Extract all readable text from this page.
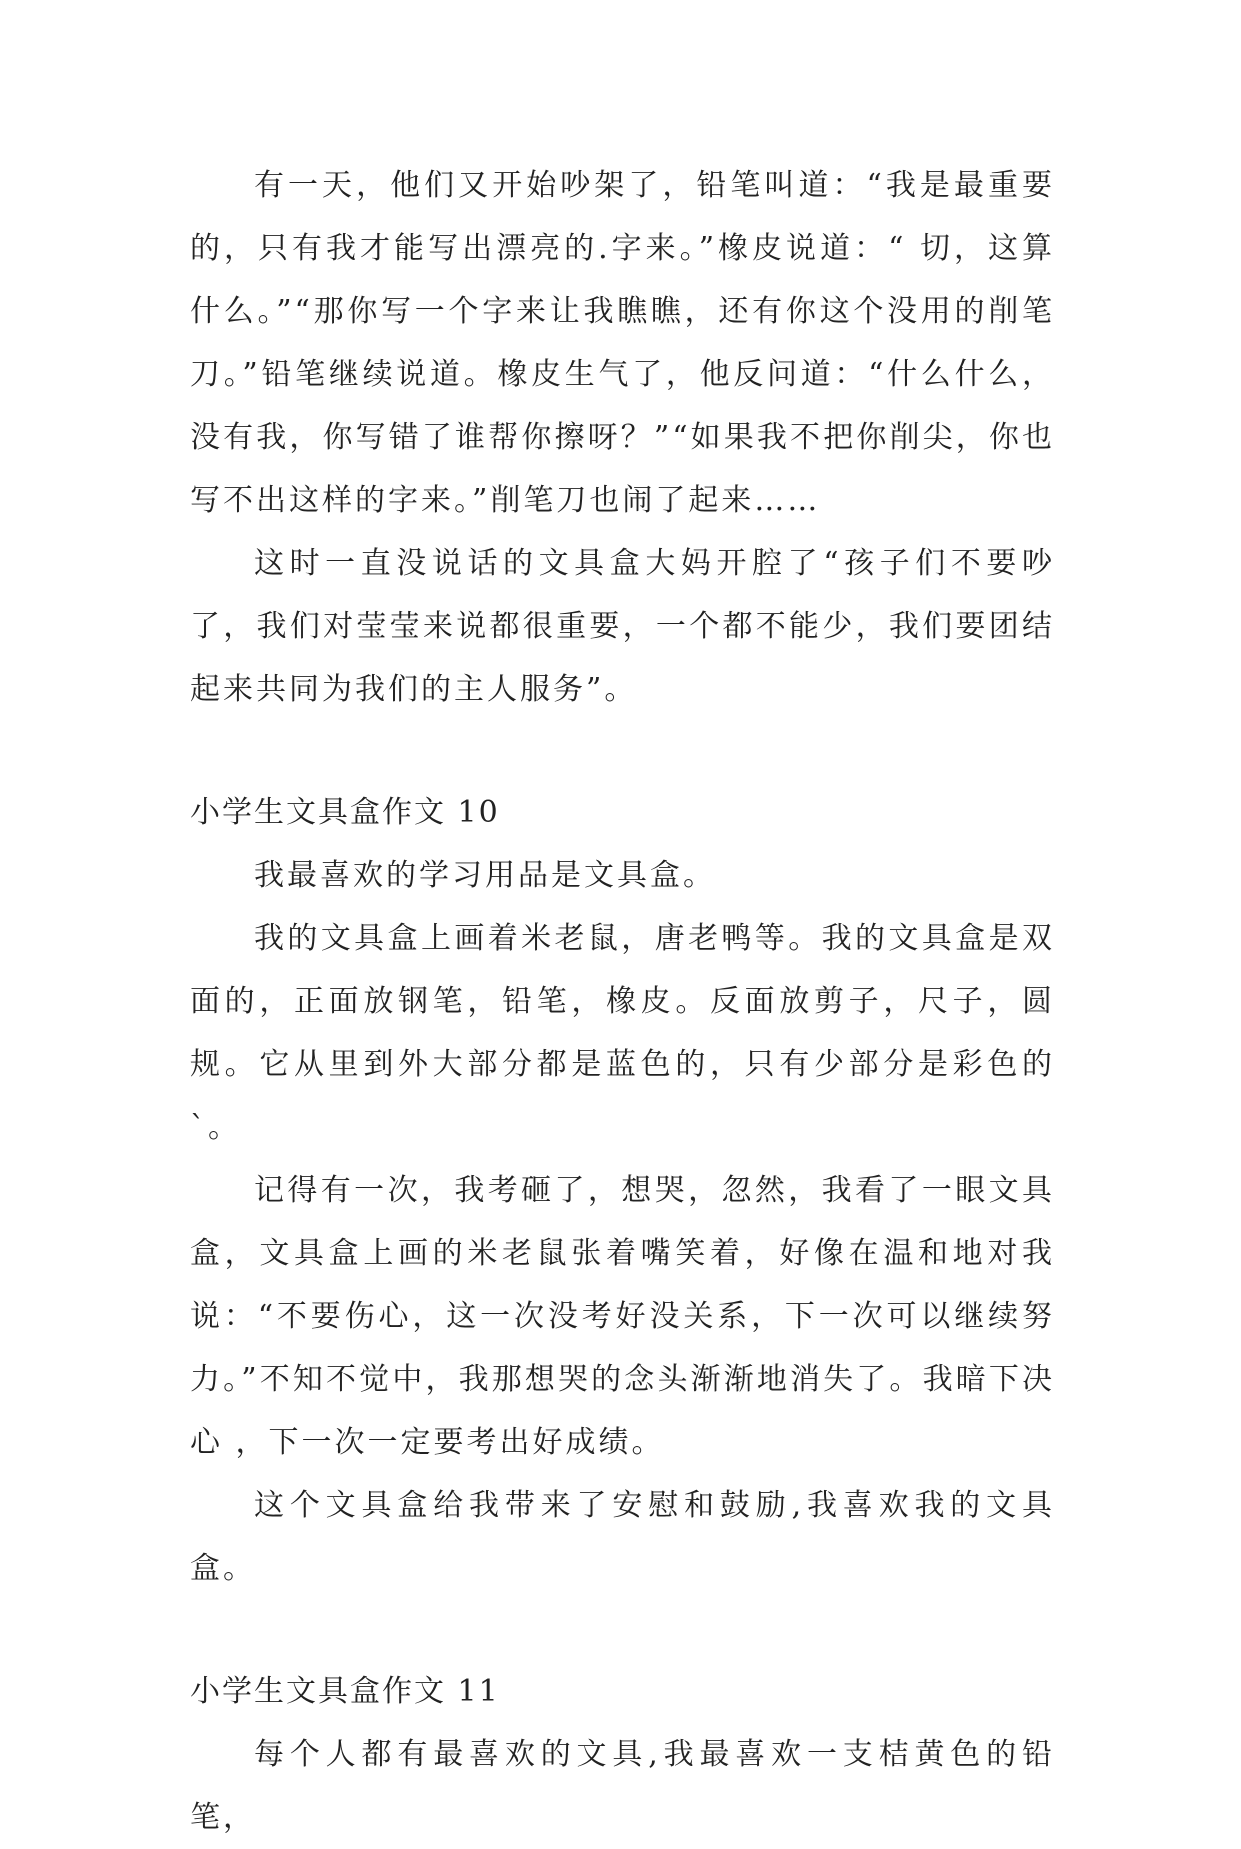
有一天，他们又开始吵架了，铅笔叫道：“我是最重要的，只有我才能写出漂亮的.字来。”橡皮说道：“ 切，这算什么。”“那你写一个字来让我瞧瞧，还有你这个没用的削笔刀。”铅笔继续说道。橡皮生气了，他反问道：“什么什么，没有我，你写错了谁帮你擦呀？”“如果我不把你削尖，你也写不出这样的字来。”削笔刀也闹了起来……

这时一直没说话的文具盒大妈开腔了“孩子们不要吵了，我们对莹莹来说都很重要，一个都不能少，我们要团结起来共同为我们的主人服务”。

小学生文具盒作文 10

我最喜欢的学习用品是文具盒。

我的文具盒上画着米老鼠，唐老鸭等。我的文具盒是双面的，正面放钢笔，铅笔，橡皮。反面放剪子，尺子，圆规。它从里到外大部分都是蓝色的，只有少部分是彩色的`。

记得有一次，我考砸了，想哭，忽然，我看了一眼文具盒，文具盒上画的米老鼠张着嘴笑着，好像在温和地对我说：“不要伤心，这一次没考好没关系，下一次可以继续努力。”不知不觉中，我那想哭的念头渐渐地消失了。我暗下决心 ，下一次一定要考出好成绩。

这个文具盒给我带来了安慰和鼓励,我喜欢我的文具盒。

小学生文具盒作文 11

每个人都有最喜欢的文具,我最喜欢一支桔黄色的铅笔，
